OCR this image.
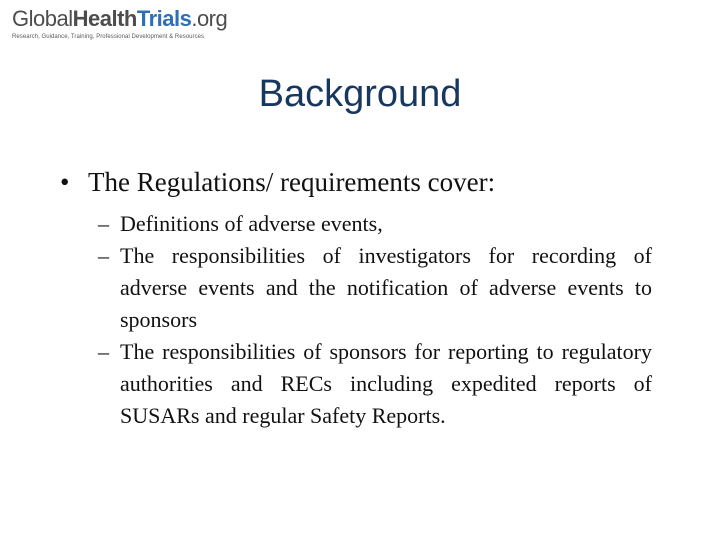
GlobalHealthTrials.org
Research, Guidance, Training, Professional Development & Resources
Background
• The Regulations/ requirements cover:
– Definitions of adverse events,
– The responsibilities of investigators for recording of adverse events and the notification of adverse events to sponsors
– The responsibilities of sponsors for reporting to regulatory authorities and RECs including expedited reports of SUSARs and regular Safety Reports.
